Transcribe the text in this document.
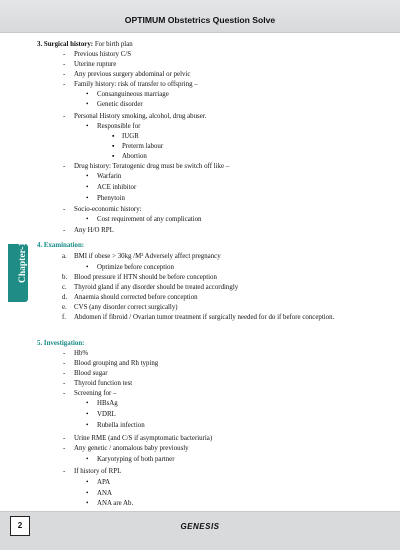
OPTIMUM Obstetrics Question Solve
Chapter-1
3. Surgical history: For birth plan
- Previous history C/S
- Uterine rupture
- Any previous surgery abdominal or pelvic
- Family history: risk of transfer to offspring –
• Consanguineous marriage
• Genetic disorder
- Personal History smoking, alcohol, drug abuser.
• Responsible for
▪ IUGR
▪ Preterm labour
▪ Abortion
- Drug history: Teratogenic drug must be switch off like –
• Warfarin
• ACE inhibitor
• Phenytoin
- Socio-economic history:
• Cost requirement of any complication
- Any H/O RPL
4. Examination:
a. BMI if obese > 30kg /M² Adversely affect pregnancy
• Optimize before conception
b. Blood pressure if HTN should be before conception
c. Thyroid gland if any disorder should be treated accordingly
d. Anaemia should corrected before conception
e. CVS (any disorder correct surgically)
f. Abdomen if fibroid / Ovarian tumor treatment if surgically needed for do if before conception.
5. Investigation:
- Hb%
- Blood grouping and Rh typing
- Blood sugar
- Thyroid function test
- Screening for –
• HBsAg
• VDRL
• Rubella infection
- Urine RME (and C/S if asymptomatic bacteriuria)
- Any genetic / anomalous baby previously
• Karyotyping of both partner
- If history of RPL
• APA
• ANA
• ANA are Ab.
2	GENESIS
